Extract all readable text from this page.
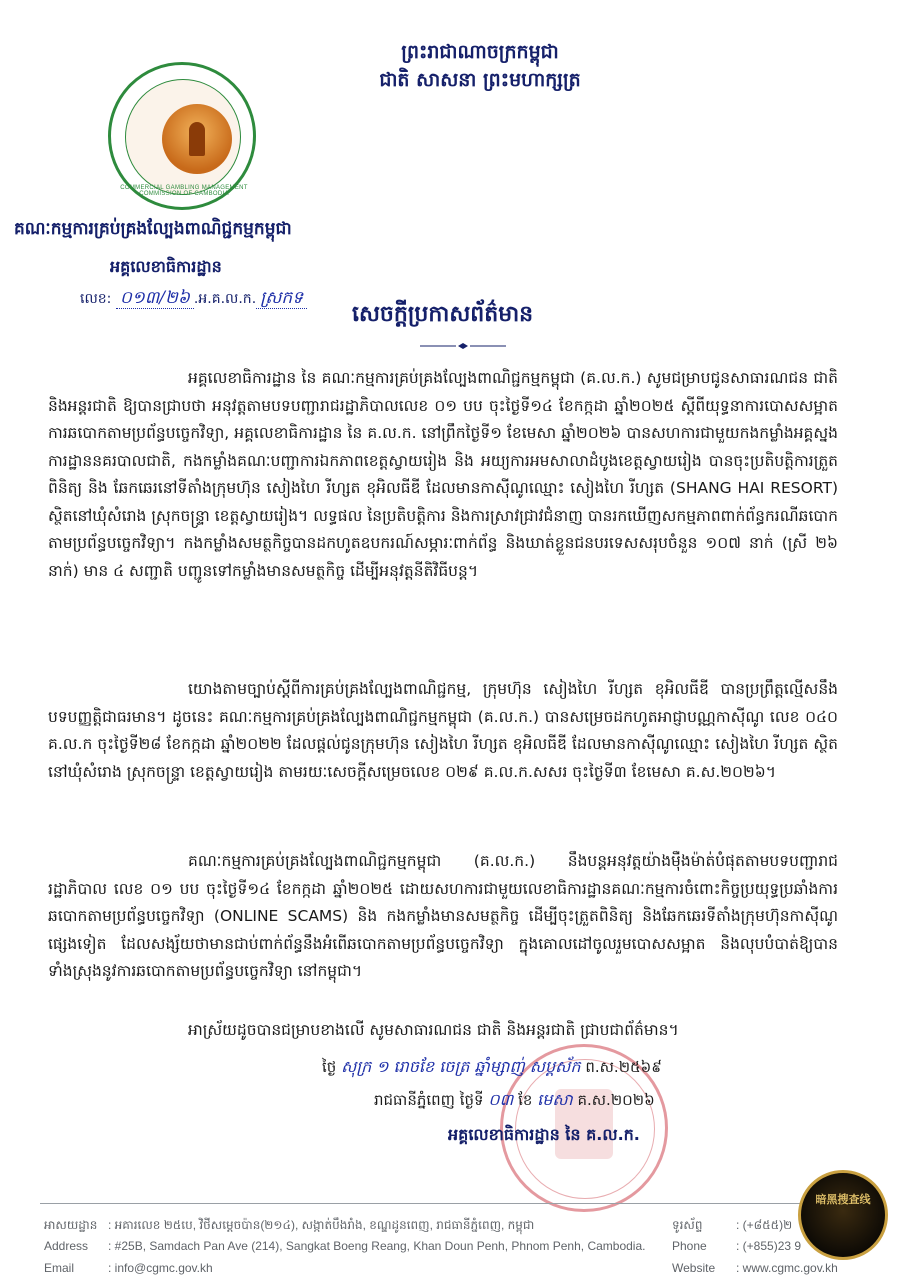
COMMERCIAL GAMBLING MANAGEMENT COMMISSION OF CAMBODIA
ព្រះរាជាណាចក្រកម្ពុជា
ជាតិ សាសនា ព្រះមហាក្សត្រ
គណៈកម្មការគ្រប់គ្រងល្បែងពាណិជ្ជកម្មកម្ពុជា
អគ្គលេខាធិការដ្ឋាន
លេខ: ០១៣/២៦ .អ.គ.ល.ក. ស្រកទ
សេចក្តីប្រកាសព័ត៌មាន

អគ្គលេខាធិការដ្ឋាន នៃ គណៈកម្មការគ្រប់គ្រងល្បែងពាណិជ្ជកម្មកម្ពុជា (គ.ល.ក.) សូមជម្រាបជូនសាធារណជន ជាតិ និងអន្តរជាតិ ឱ្យបានជ្រាបថា អនុវត្តតាមបទបញ្ជារាជរដ្ឋាភិបាលលេខ ០១ បប ចុះថ្ងៃទី១៤ ខែកក្កដា ឆ្នាំ២០២៥ ស្តីពីយុទ្ធនាការបោសសម្អាតការឆបោកតាមប្រព័ន្ធបច្ចេកវិទ្យា, អគ្គលេខាធិការដ្ឋាន នៃ គ.ល.ក. នៅព្រឹកថ្ងៃទី១ ខែមេសា ឆ្នាំ២០២៦ បានសហការជាមួយកងកម្លាំងអគ្គស្នងការដ្ឋាននគរបាលជាតិ, កងកម្លាំងគណៈបញ្ជាការឯកភាពខេត្តស្វាយរៀង និង អយ្យការអមសាលាដំបូងខេត្តស្វាយរៀង បានចុះប្រតិបត្តិការត្រួតពិនិត្យ និង ឆែកឆេរនៅទីតាំងក្រុមហ៊ុន សៀងហៃ រីហ្សត ខុអិលធីឌី ដែលមានកាស៊ីណូឈ្មោះ សៀងហៃ រីហ្សត (SHANG HAI RESORT) ស្ថិតនៅឃុំសំរោង ស្រុកចន្ទ្រា ខេត្តស្វាយរៀង។ លទ្ធផល នៃប្រតិបត្តិការ និងការស្រាវជ្រាវជំនាញ បានរកឃើញសកម្មភាពពាក់ព័ន្ធករណីឆបោកតាមប្រព័ន្ធបច្ចេកវិទ្យា។ កងកម្លាំងសមត្ថកិច្ចបានដកហូតឧបករណ៍សម្ភារៈពាក់ព័ន្ធ និងឃាត់ខ្លួនជនបរទេសសរុបចំនួន ១០៧ នាក់ (ស្រី ២៦ នាក់) មាន ៤ សញ្ជាតិ បញ្ជូនទៅកម្លាំងមានសមត្ថកិច្ច ដើម្បីអនុវត្តនីតិវិធីបន្ត។

យោងតាមច្បាប់ស្តីពីការគ្រប់គ្រងល្បែងពាណិជ្ជកម្ម, ក្រុមហ៊ុន សៀងហៃ រីហ្សត ខុអិលធីឌី បានប្រព្រឹត្តល្មើសនឹងបទបញ្ញត្តិជាធរមាន។ ដូចនេះ គណៈកម្មការគ្រប់គ្រងល្បែងពាណិជ្ជកម្មកម្ពុជា (គ.ល.ក.) បានសម្រេចដកហូតអាជ្ញាបណ្ណកាស៊ីណូ លេខ ០៤០ គ.ល.ក ចុះថ្ងៃទី២៨ ខែកក្កដា ឆ្នាំ២០២២ ដែលផ្តល់ជូនក្រុមហ៊ុន សៀងហៃ រីហ្សត ខុអិលធីឌី ដែលមានកាស៊ីណូឈ្មោះ សៀងហៃ រីហ្សត ស្ថិតនៅឃុំសំរោង ស្រុកចន្ទ្រា ខេត្តស្វាយរៀង តាមរយៈសេចក្តីសម្រេចលេខ ០២៩ គ.ល.ក.សសរ ចុះថ្ងៃទី៣ ខែមេសា គ.ស.២០២៦។

គណៈកម្មការគ្រប់គ្រងល្បែងពាណិជ្ជកម្មកម្ពុជា (គ.ល.ក.) នឹងបន្តអនុវត្តយ៉ាងម៉ឺងម៉ាត់បំផុតតាមបទបញ្ជារាជរដ្ឋាភិបាល លេខ ០១ បប ចុះថ្ងៃទី១៤ ខែកក្កដា ឆ្នាំ២០២៥ ដោយសហការជាមួយលេខាធិការដ្ឋានគណៈកម្មការចំពោះកិច្ចប្រយុទ្ធប្រឆាំងការឆបោកតាមប្រព័ន្ធបច្ចេកវិទ្យា (ONLINE SCAMS) និង កងកម្លាំងមានសមត្ថកិច្ច ដើម្បីចុះត្រួតពិនិត្យ និងឆែកឆេរទីតាំងក្រុមហ៊ុនកាស៊ីណូផ្សេងទៀត ដែលសង្ស័យថាមានជាប់ពាក់ព័ន្ធនឹងអំពើឆបោកតាមប្រព័ន្ធបច្ចេកវិទ្យា ក្នុងគោលដៅចូលរួមបោសសម្អាត និងលុបបំបាត់ឱ្យបានទាំងស្រុងនូវការឆបោកតាមប្រព័ន្ធបច្ចេកវិទ្យា នៅកម្ពុជា។

អាស្រ័យដូចបានជម្រាបខាងលើ សូមសាធារណជន ជាតិ និងអន្តរជាតិ ជ្រាបជាព័ត៌មាន។

ថ្ងៃ សុក្រ ១ រោចខែ ចេត្រ ឆ្នាំម្សាញ់ សប្តស័ក ព.ស.២៥៦៩
រាជធានីភ្នំពេញ ថ្ងៃទី ០៣ ខែ មេសា គ.ស.២០២៦
អគ្គលេខាធិការដ្ឋាន នៃ គ.ល.ក.
អាសយដ្ឋាន : អគារលេខ ២៥បេ, វិថីសម្តេចប៉ាន(២១៤), សង្កាត់បឹងរាំង, ខណ្ឌដូនពេញ, រាជធានីភ្នំពេញ, កម្ពុជា
Address : #25B, Samdach Pan Ave (214), Sangkat Boeng Reang, Khan Doun Penh, Phnom Penh, Cambodia.
Email	: info@cgmc.gov.kh
ទូរស័ព្ទ	: (+៨៥៥)២
Phone : (+855)23 9
Website : www.cgmc.gov.kh
暗黑搜查线
